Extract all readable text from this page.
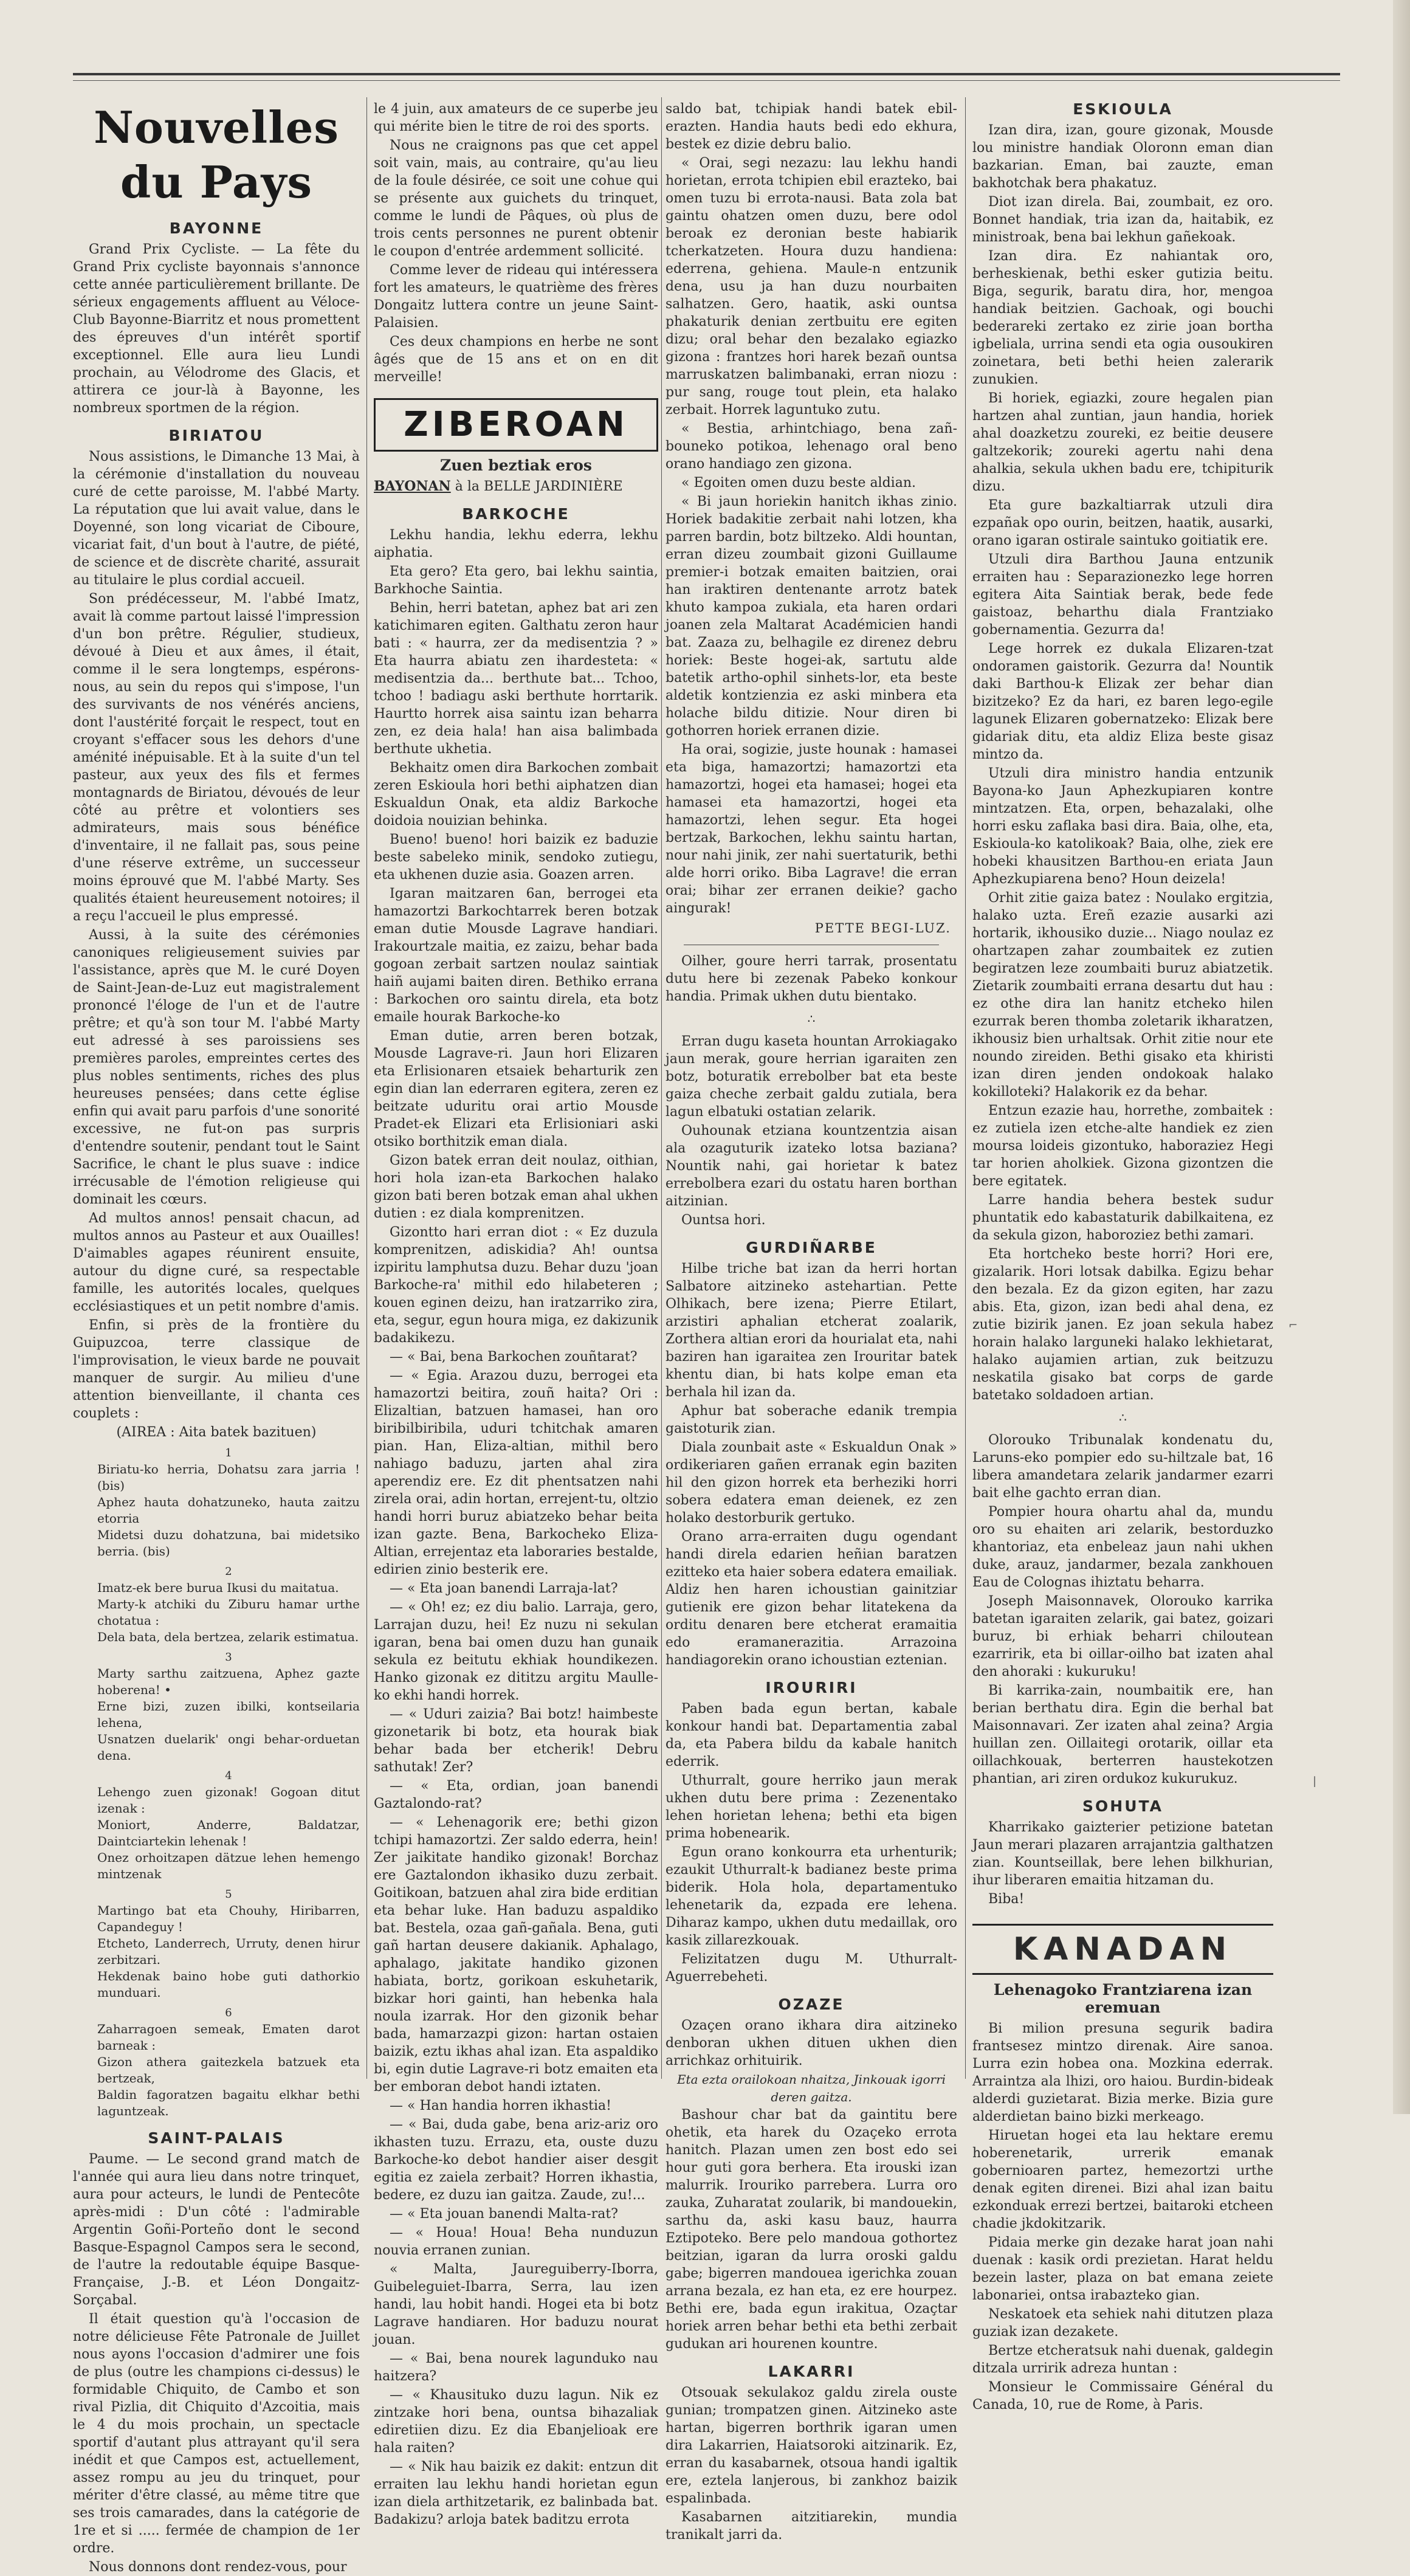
⌐
|
Nouvelles du Pays
BAYONNE

Grand Prix Cycliste. — La fête du Grand Prix cycliste bayonnais s'annonce cette année particulièrement brillante. De sérieux engagements affluent au Véloce-Club Bayonne-Biarritz et nous promettent des épreuves d'un intérêt sportif exceptionnel. Elle aura lieu Lundi prochain, au Vélodrome des Glacis, et attirera ce jour-là à Bayonne, les nombreux sportmen de la région.

BIRIATOU

Nous assistions, le Dimanche 13 Mai, à la cérémonie d'installation du nouveau curé de cette paroisse, M. l'abbé Marty. La réputation que lui avait value, dans le Doyenné, son long vicariat de Ciboure, vicariat fait, d'un bout à l'autre, de piété, de science et de discrète charité, assurait au titulaire le plus cordial accueil.

Son prédécesseur, M. l'abbé Imatz, avait là comme partout laissé l'impression d'un bon prêtre. Régulier, studieux, dévoué à Dieu et aux âmes, il était, comme il le sera longtemps, espérons-nous, au sein du repos qui s'impose, l'un des survivants de nos vénérés anciens, dont l'austérité forçait le respect, tout en croyant s'effacer sous les dehors d'une aménité inépuisable. Et à la suite d'un tel pasteur, aux yeux des fils et fermes montagnards de Biriatou, dévoués de leur côté au prêtre et volontiers ses admirateurs, mais sous bénéfice d'inventaire, il ne fallait pas, sous peine d'une réserve extrême, un successeur moins éprouvé que M. l'abbé Marty. Ses qualités étaient heureusement notoires; il a reçu l'accueil le plus empressé.

Aussi, à la suite des cérémonies canoniques religieusement suivies par l'assistance, après que M. le curé Doyen de Saint-Jean-de-Luz eut magistralement prononcé l'éloge de l'un et de l'autre prêtre; et qu'à son tour M. l'abbé Marty eut adressé à ses paroissiens ses premières paroles, empreintes certes des plus nobles sentiments, riches des plus heureuses pensées; dans cette église enfin qui avait paru parfois d'une sonorité excessive, ne fut-on pas surpris d'entendre soutenir, pendant tout le Saint Sacrifice, le chant le plus suave : indice irrécusable de l'émotion religieuse qui dominait les cœurs.

Ad multos annos! pensait chacun, ad multos annos au Pasteur et aux Ouailles! D'aimables agapes réunirent ensuite, autour du digne curé, sa respectable famille, les autorités locales, quelques ecclésiastiques et un petit nombre d'amis.

Enfin, si près de la frontière du Guipuzcoa, terre classique de l'improvisation, le vieux barde ne pouvait manquer de surgir. Au milieu d'une attention bienveillante, il chanta ces couplets :

(AIREA : Aita batek bazituen)

1
Biriatu-ko herria, Dohatsu zara jarria ! (bis)
Aphez hauta dohatzuneko, hauta zaitzu etorria
Midetsi duzu dohatzuna, bai midetsiko berria. (bis)
2
Imatz-ek bere burua Ikusi du maitatua.
Marty-k atchiki du Ziburu hamar urthe chotatua :
Dela bata, dela bertzea, zelarik estimatua.
3
Marty sarthu zaitzuena, Aphez gazte hoberena! •
Erne bizi, zuzen ibilki, kontseilaria lehena,
Usnatzen duelarik' ongi behar-orduetan dena.
4
Lehengo zuen gizonak! Gogoan ditut izenak :
Moniort, Anderre, Baldatzar, Daintciartekin lehenak !
Onez orhoitzapen dätzue lehen hemengo mintzenak
5
Martingo bat eta Chouhy, Hiribarren, Capandeguy !
Etcheto, Landerrech, Urruty, denen hirur zerbitzari.
Hekdenak baino hobe guti dathorkio munduari.
6
Zaharragoen semeak, Ematen darot barneak :
Gizon athera gaitezkela batzuek eta bertzeak,
Baldin fagoratzen bagaitu elkhar bethi laguntzeak.
SAINT-PALAIS

Paume. — Le second grand match de l'année qui aura lieu dans notre trinquet, aura pour acteurs, le lundi de Pentecôte après-midi : D'un côté : l'admirable Argentin Goñi-Porteño dont le second Basque-Espagnol Campos sera le second, de l'autre la redoutable équipe Basque-Française, J.-B. et Léon Dongaitz-Sorçabal.

Il était question qu'à l'occasion de notre délicieuse Fête Patronale de Juillet nous ayons l'occasion d'admirer une fois de plus (outre les champions ci-dessus) le formidable Chiquito, de Cambo et son rival Pizlia, dit Chiquito d'Azcoitia, mais le 4 du mois prochain, un spectacle sportif d'autant plus attrayant qu'il sera inédit et que Campos est, actuellement, assez rompu au jeu du trinquet, pour mériter d'être classé, au même titre que ses trois camarades, dans la catégorie de 1re et si ..... fermée de champion de 1er ordre.

Nous donnons dont rendez-vous, pour

le 4 juin, aux amateurs de ce superbe jeu qui mérite bien le titre de roi des sports.

Nous ne craignons pas que cet appel soit vain, mais, au contraire, qu'au lieu de la foule désirée, ce soit une cohue qui se présente aux guichets du trinquet, comme le lundi de Pâques, où plus de trois cents personnes ne purent obtenir le coupon d'entrée ardemment sollicité.

Comme lever de rideau qui intéressera fort les amateurs, le quatrième des frères Dongaitz luttera contre un jeune Saint-Palaisien.

Ces deux champions en herbe ne sont âgés que de 15 ans et on en dit merveille!

ZIBEROAN
Zuen beztiak eros
BAYONAN à la BELLE JARDINIÈRE
BARKOCHE

Lekhu handia, lekhu ederra, lekhu aiphatia.

Eta gero? Eta gero, bai lekhu saintia, Barkhoche Saintia.

Behin, herri batetan, aphez bat ari zen katichimaren egiten. Galthatu zeron haur bati : « haurra, zer da medisentzia ? » Eta haurra abiatu zen ihardesteta: « medisentzia da... berthute bat... Tchoo, tchoo ! badiagu aski berthute horrtarik. Haurtto horrek aisa saintu izan beharra zen, ez deia hala! han aisa balimbada berthute ukhetia.

Bekhaitz omen dira Barkochen zombait zeren Eskioula hori bethi aiphatzen dian Eskualdun Onak, eta aldiz Barkoche doidoia nouizian behinka.

Bueno! bueno! hori baizik ez baduzie beste sabeleko minik, sendoko zutiegu, eta ukhenen duzie asia. Goazen arren.

Igaran maitzaren 6an, berrogei eta hamazortzi Barkochtarrek beren botzak eman dutie Mousde Lagrave handiari. Irakourtzale maitia, ez zaizu, behar bada gogoan zerbait sartzen noulaz saintiak haiñ aujami baiten diren. Bethiko errana : Barkochen oro saintu direla, eta botz emaile hourak Barkoche-ko

Eman dutie, arren beren botzak, Mousde Lagrave-ri. Jaun hori Elizaren eta Erlisionaren etsaiek beharturik zen egin dian lan ederraren egitera, zeren ez beitzate uduritu orai artio Mousde Pradet-ek Elizari eta Erlisioniari aski otsiko borthitzik eman diala.

Gizon batek erran deit noulaz, oithian, hori hola izan-eta Barkochen halako gizon bati beren botzak eman ahal ukhen dutien : ez diala komprenitzen.

Gizontto hari erran diot : « Ez duzula komprenitzen, adiskidia? Ah! ountsa izpiritu lamphutsa duzu. Behar duzu 'joan Barkoche-ra' mithil edo hilabeteren ; kouen eginen deizu, han iratzarriko zira, eta, segur, egun houra miga, ez dakizunik badakikezu.

— « Bai, bena Barkochen zouñtarat?

— « Egia. Arazou duzu, berrogei eta hamazortzi beitira, zouñ haita? Ori : Elizaltian, batzuen hamasei, han oro biribilbiribila, uduri tchitchak amaren pian. Han, Eliza-altian, mithil bero nahiago baduzu, jarten ahal zira aperendiz ere. Ez dit phentsatzen nahi zirela orai, adin hortan, errejent-tu, oltzio handi horri buruz abiatzeko behar beita izan gazte. Bena, Barkocheko Eliza-Altian, errejentaz eta laboraries bestalde, edirien zinio besterik ere.

— « Eta joan banendi Larraja-lat?

— « Oh! ez; ez diu balio. Larraja, gero, Larrajan duzu, hei! Ez nuzu ni sekulan igaran, bena bai omen duzu han gunaik sekula ez beitutu ekhiak houndikezen. Hanko gizonak ez dititzu argitu Maulle-ko ekhi handi horrek.

— « Uduri zaizia? Bai botz! haimbeste gizonetarik bi botz, eta hourak biak behar bada ber etcherik! Debru sathutak! Zer?

— « Eta, ordian, joan banendi Gaztalondo-rat?

— « Lehenagorik ere; bethi gizon tchipi hamazortzi. Zer saldo ederra, hein! Zer jaikitate handiko gizonak! Borchaz ere Gaztalondon ikhasiko duzu zerbait. Goitikoan, batzuen ahal zira bide erditian eta behar luke. Han baduzu aspaldiko bat. Bestela, ozaa gañ-gañala. Bena, guti gañ hartan deusere dakianik. Aphalago, aphalago, jakitate handiko gizonen habiata, bortz, gorikoan eskuhetarik, bizkar hori gainti, han hebenka hala noula izarrak. Hor den gizonik behar bada, hamarzazpi gizon: hartan ostaien baizik, eztu ikhas ahal izan. Eta aspaldiko bi, egin dutie Lagrave-ri botz emaiten eta ber emboran debot handi iztaten.

— « Han handia horren ikhastia!

— « Bai, duda gabe, bena ariz-ariz oro ikhasten tuzu. Errazu, eta, ouste duzu Barkoche-ko debot handier aiser desgit egitia ez zaiela zerbait? Horren ikhastia, bedere, ez duzu ian gaitza. Zaude, zu!...

— « Eta jouan banendi Malta-rat?

— « Houa! Houa! Beha nunduzun nouvia erranen zunian.

« Malta, Jaureguiberry-Iborra, Guibeleguiet-Ibarra, Serra, lau izen handi, lau hobit handi. Hogei eta bi botz Lagrave handiaren. Hor baduzu nourat jouan.

— « Bai, bena nourek lagunduko nau haitzera?

— « Khausituko duzu lagun. Nik ez zintzake hori bena, ountsa bihazaliak ediretiien dizu. Ez dia Ebanjelioak ere hala raiten?

— « Nik hau baizik ez dakit: entzun dit erraiten lau lekhu handi horietan egun izan diela arthitzetarik, ez balinbada bat. Badakizu? arloja batek baditzu errota

saldo bat, tchipiak handi batek ebil-erazten. Handia hauts bedi edo ekhura, bestek ez dizie debru balio.

« Orai, segi nezazu: lau lekhu handi horietan, errota tchipien ebil erazteko, bai omen tuzu bi errota-nausi. Bata zola bat gaintu ohatzen omen duzu, bere odol beroak ez deronian beste habiarik tcherkatzeten. Houra duzu handiena: ederrena, gehiena. Maule-n entzunik dena, usu ja han duzu nourbaiten salhatzen. Gero, haatik, aski ountsa phakaturik denian zertbuitu ere egiten dizu; oral behar den bezalako egiazko gizona : frantzes hori harek bezañ ountsa marruskatzen balimbanaki, erran niozu : pur sang, rouge tout plein, eta halako zerbait. Horrek laguntuko zutu.

« Bestia, arhintchiago, bena zañ-bouneko potikoa, lehenago oral beno orano handiago zen gizona.

« Egoiten omen duzu beste aldian.

« Bi jaun horiekin hanitch ikhas zinio. Horiek badakitie zerbait nahi lotzen, kha parren bardin, botz biltzeko. Aldi hountan, erran dizeu zoumbait gizoni Guillaume premier-i botzak emaiten baitzien, orai han iraktiren dentenante arrotz batek khuto kampoa zukiala, eta haren ordari joanen zela Maltarat Académicien handi bat. Zaaza zu, belhagile ez direnez debru horiek: Beste hogei-ak, sartutu alde batetik artho-ophil sinhets-lor, eta beste aldetik kontzienzia ez aski minbera eta holache bildu ditizie. Nour diren bi gothorren horiek erranen dizie.

Ha orai, sogizie, juste hounak : hamasei eta biga, hamazortzi; hamazortzi eta hamazortzi, hogei eta hamasei; hogei eta hamasei eta hamazortzi, hogei eta hamazortzi, lehen segur. Eta hogei bertzak, Barkochen, lekhu saintu hartan, nour nahi jinik, zer nahi suertaturik, bethi alde horri oriko. Biba Lagrave! die erran orai; bihar zer erranen deikie? gacho aingurak!

PETTE BEGI-LUZ.

Oilher, goure herri tarrak, prosentatu dutu here bi zezenak Pabeko konkour handia. Primak ukhen dutu bientako.

∴

Erran dugu kaseta hountan Arrokiagako jaun merak, goure herrian igaraiten zen botz, boturatik errebolber bat eta beste gaiza cheche zerbait galdu zutiala, bera lagun elbatuki ostatian zelarik.

Ouhounak etziana kountzentzia aisan ala ozaguturik izateko lotsa baziana? Nountik nahi, gai horietar k batez errebolbera ezari du ostatu haren borthan aitzinian.

Ountsa hori.

GURDIÑARBE

Hilbe triche bat izan da herri hortan Salbatore aitzineko astehartian. Pette Olhikach, bere izena; Pierre Etilart, arzistiri aphalian etcherat zoalarik, Zorthera altian erori da hourialat eta, nahi baziren han igaraitea zen Irouritar batek khentu dian, bi hats kolpe eman eta berhala hil izan da.

Aphur bat soberache edanik trempia gaistoturik zian.

Diala zounbait aste « Eskualdun Onak » ordikeriaren gañen erranak egin baziten hil den gizon horrek eta berheziki horri sobera edatera eman deienek, ez zen holako destorburik gertuko.

Orano arra-erraiten dugu ogendant handi direla edarien heñian baratzen ezitteko eta haier sobera edatera emailiak. Aldiz hen haren ichoustian gainitziar gutienik ere gizon behar litatekena da orditu denaren bere etcherat eramaitia edo eramanerazitia. Arrazoina handiagorekin orano ichoustian eztenian.

IROURIRI

Paben bada egun bertan, kabale konkour handi bat. Departamentia zabal da, eta Pabera bildu da kabale hanitch ederrik.

Uthurralt, goure herriko jaun merak ukhen dutu bere prima : Zezenentako lehen horietan lehena; bethi eta bigen prima hobenearik.

Egun orano konkourra eta urhenturik; ezaukit Uthurralt-k badianez beste prima biderik. Hola hola, departamentuko lehenetarik da, ezpada ere lehena. Diharaz kampo, ukhen dutu medaillak, oro kasik zillarezkouak.

Felizitatzen dugu M. Uthurralt-Aguerrebeheti.

OZAZE

Ozaçen orano ikhara dira aitzineko denboran ukhen dituen ukhen dien arrichkaz orhituirik.

Eta ezta orailokoan nhaitza, Jinkouak igorri deren gaitza.

Bashour char bat da gaintitu bere ohetik, eta harek du Ozaçeko errota hanitch. Plazan umen zen bost edo sei hour guti gora berhera. Eta irouski izan malurrik. Irouriko parrebera. Lurra oro zauka, Zuharatat zoularik, bi mandouekin, sarthu da, aski kasu bauz, haurra Eztipoteko. Bere pelo mandoua gothortez beitzian, igaran da lurra oroski galdu gabe; bigerren mandouea igerichka zouan arrana bezala, ez han eta, ez ere hourpez. Bethi ere, bada egun irakitua, Ozaçtar horiek arren behar bethi eta bethi zerbait gudukan ari hourenen kountre.

LAKARRI

Otsouak sekulakoz galdu zirela ouste gunian; trompatzen ginen. Aitzineko aste hartan, bigerren borthrik igaran umen dira Lakarrien, Haiatsoroki aitzinarik. Ez, erran du kasabarnek, otsoua handi igaltik ere, eztela lanjerous, bi zankhoz baizik espalinbada.

Kasabarnen aitzitiarekin, mundia tranikalt jarri da.

ESKIOULA

Izan dira, izan, goure gizonak, Mousde lou ministre handiak Oloronn eman dian bazkarian. Eman, bai zauzte, eman bakhotchak bera phakatuz.

Diot izan direla. Bai, zoumbait, ez oro. Bonnet handiak, tria izan da, haitabik, ez ministroak, bena bai lekhun gañekoak.

Izan dira. Ez nahiantak oro, berheskienak, bethi esker gutizia beitu. Biga, segurik, baratu dira, hor, mengoa handiak beitzien. Gachoak, ogi bouchi bederareki zertako ez zirie joan bortha igbeliala, urrina sendi eta ogia ousoukiren zoinetara, beti bethi heien zalerarik zunukien.

Bi horiek, egiazki, zoure hegalen pian hartzen ahal zuntian, jaun handia, horiek ahal doazketzu zoureki, ez beitie deusere galtzekorik; zoureki agertu nahi dena ahalkia, sekula ukhen badu ere, tchipiturik dizu.

Eta gure bazkaltiarrak utzuli dira ezpañak opo ourin, beitzen, haatik, ausarki, orano igaran ostirale saintuko goitiatik ere.

Utzuli dira Barthou Jauna entzunik erraiten hau : Separazionezko lege horren egitera Aita Saintiak berak, bede fede gaistoaz, beharthu diala Frantziako gobernamentia. Gezurra da!

Lege horrek ez dukala Elizaren-tzat ondoramen gaistorik. Gezurra da! Nountik daki Barthou-k Elizak zer behar dian bizitzeko? Ez da hari, ez baren lego-egile lagunek Elizaren gobernatzeko: Elizak bere gidariak ditu, eta aldiz Eliza beste gisaz mintzo da.

Utzuli dira ministro handia entzunik Bayona-ko Jaun Aphezkupiaren kontre mintzatzen. Eta, orpen, behazalaki, olhe horri esku zaflaka basi dira. Baia, olhe, eta, Eskioula-ko katolikoak? Baia, olhe, ziek ere hobeki khausitzen Barthou-en eriata Jaun Aphezkupiarena beno? Houn deizela!

Orhit zitie gaiza batez : Noulako ergitzia, halako uzta. Ereñ ezazie ausarki azi hortarik, ikhousiko duzie... Niago noulaz ez ohartzapen zahar zoumbaitek ez zutien begiratzen leze zoumbaiti buruz abiatzetik. Zietarik zoumbaiti errana desartu dut hau : ez othe dira lan hanitz etcheko hilen ezurrak beren thomba zoletarik ikharatzen, ikhousiz bien urhaltsak. Orhit zitie nour ete noundo zireiden. Bethi gisako eta khiristi izan diren jenden ondokoak halako kokilloteki? Halakorik ez da behar.

Entzun ezazie hau, horrethe, zombaitek : ez zutiela izen etche-alte handiek ez zien moursa loideis gizontuko, haboraziez Hegi tar horien aholkiek. Gizona gizontzen die bere egitatek.

Larre handia behera bestek sudur phuntatik edo kabastaturik dabilkaitena, ez da sekula gizon, haboroziez bethi zamari.

Eta hortcheko beste horri? Hori ere, gizalarik. Hori lotsak dabilka. Egizu behar den bezala. Ez da gizon egiten, har zazu abis. Eta, gizon, izan bedi ahal dena, ez zutie bizirik janen. Ez joan sekula habez horain halako larguneki halako lekhietarat, halako aujamien artian, zuk beitzuzu neskatila gisako bat corps de garde batetako soldadoen artian.

∴

Olorouko Tribunalak kondenatu du, Laruns-eko pompier edo su-hiltzale bat, 16 libera amandetara zelarik jandarmer ezarri bait elhe gachto erran dian.

Pompier houra ohartu ahal da, mundu oro su ehaiten ari zelarik, bestorduzko khantoriaz, eta enbeleaz jaun nahi ukhen duke, arauz, jandarmer, bezala zankhouen Eau de Colognas ihiztatu beharra.

Joseph Maisonnavek, Olorouko karrika batetan igaraiten zelarik, gai batez, goizari buruz, bi erhiak beharri chiloutean ezarririk, eta bi oillar-oilho bat izaten ahal den ahoraki : kukuruku!

Bi karrika-zain, noumbaitik ere, han berian berthatu dira. Egin die berhal bat Maisonnavari. Zer izaten ahal zeina? Argia huillan zen. Oillaitegi orotarik, oillar eta oillachkouak, berterren haustekotzen phantian, ari ziren ordukoz kukurukuz.

SOHUTA

Kharrikako gaizterier petizione batetan Jaun merari plazaren arrajantzia galthatzen zian. Kountseillak, bere lehen bilkhurian, ihur liberaren emaitia hitzaman du.

Biba!

KANADAN
Lehenagoko Frantziarena izan eremuan

Bi milion presuna segurik badira frantsesez mintzo direnak. Aire sanoa. Lurra ezin hobea ona. Mozkina ederrak. Arraintza ala lhizi, oro haiou. Burdin-bideak alderdi guzietarat. Bizia merke. Bizia gure alderdietan baino bizki merkeago.

Hiruetan hogei eta lau hektare eremu hoberenetarik, urrerik emanak gobernioaren partez, hemezortzi urthe denak egiten direnei. Bizi ahal izan baitu ezkonduak errezi bertzei, baitaroki etcheen chadie jkdokitzarik.

Pidaia merke gin dezake harat joan nahi duenak : kasik ordi prezietan. Harat heldu bezein laster, plaza on bat emana zeiete labonariei, ontsa irabazteko gian.

Neskatoek eta sehiek nahi ditutzen plaza guziak izan dezakete.

Bertze etcheratsuk nahi duenak, galdegin ditzala urririk adreza huntan :

Monsieur le Commissaire Général du Canada, 10, rue de Rome, à Paris.
